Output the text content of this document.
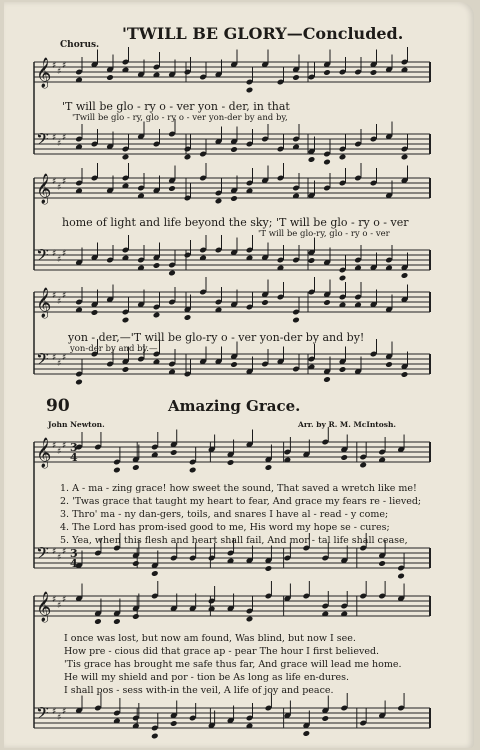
'TWILL BE GLORY—Concluded.
Chorus.
𝄞 ♯
♯
♯
𝄢 ♯
♯
♯
𝄞 ♯
♯
♯
𝄢 ♯
♯
♯
𝄞 ♯
♯
♯
𝄢 ♯
♯
♯
𝄞 ♯
♯
♯
𝄢 ♯
♯
♯
𝄞 ♯
♯
♯
𝄢 ♯
♯
♯
3
4
3
4
'T will be glo - ry o - ver yon - der, in that
'Twill be glo - ry, glo - ry o - ver yon-der by and by,
home of light and life beyond the sky; 'T will be glo - ry o - ver
'T will be glo-ry, glo - ry o - ver
yon - der,—'T will be glo-ry o - ver yon-der by and by!
yon-der by and by.—
90	Amazing Grace.
John Newton.	Arr. by R. M. McIntosh.
1. A - ma - zing grace! how sweet the sound, That saved a wretch like me!
2. 'Twas grace that taught my heart to fear, And grace my fears re - lieved;
3. Thro' ma - ny dan-gers, toils, and snares I have al - read - y come;
4. The Lord has prom-ised good to me, His word my hope se - cures;
5. Yea, when this flesh and heart shall fail, And mor - tal life shall cease,
I once was lost, but now am found, Was blind, but now I see.
How pre - cious did that grace ap - pear The hour I first believed.
'Tis grace has brought me safe thus far, And grace will lead me home.
He will my shield and por - tion be As long as life en-dures.
I shall pos - sess with-in the veil, A life of joy and peace.
